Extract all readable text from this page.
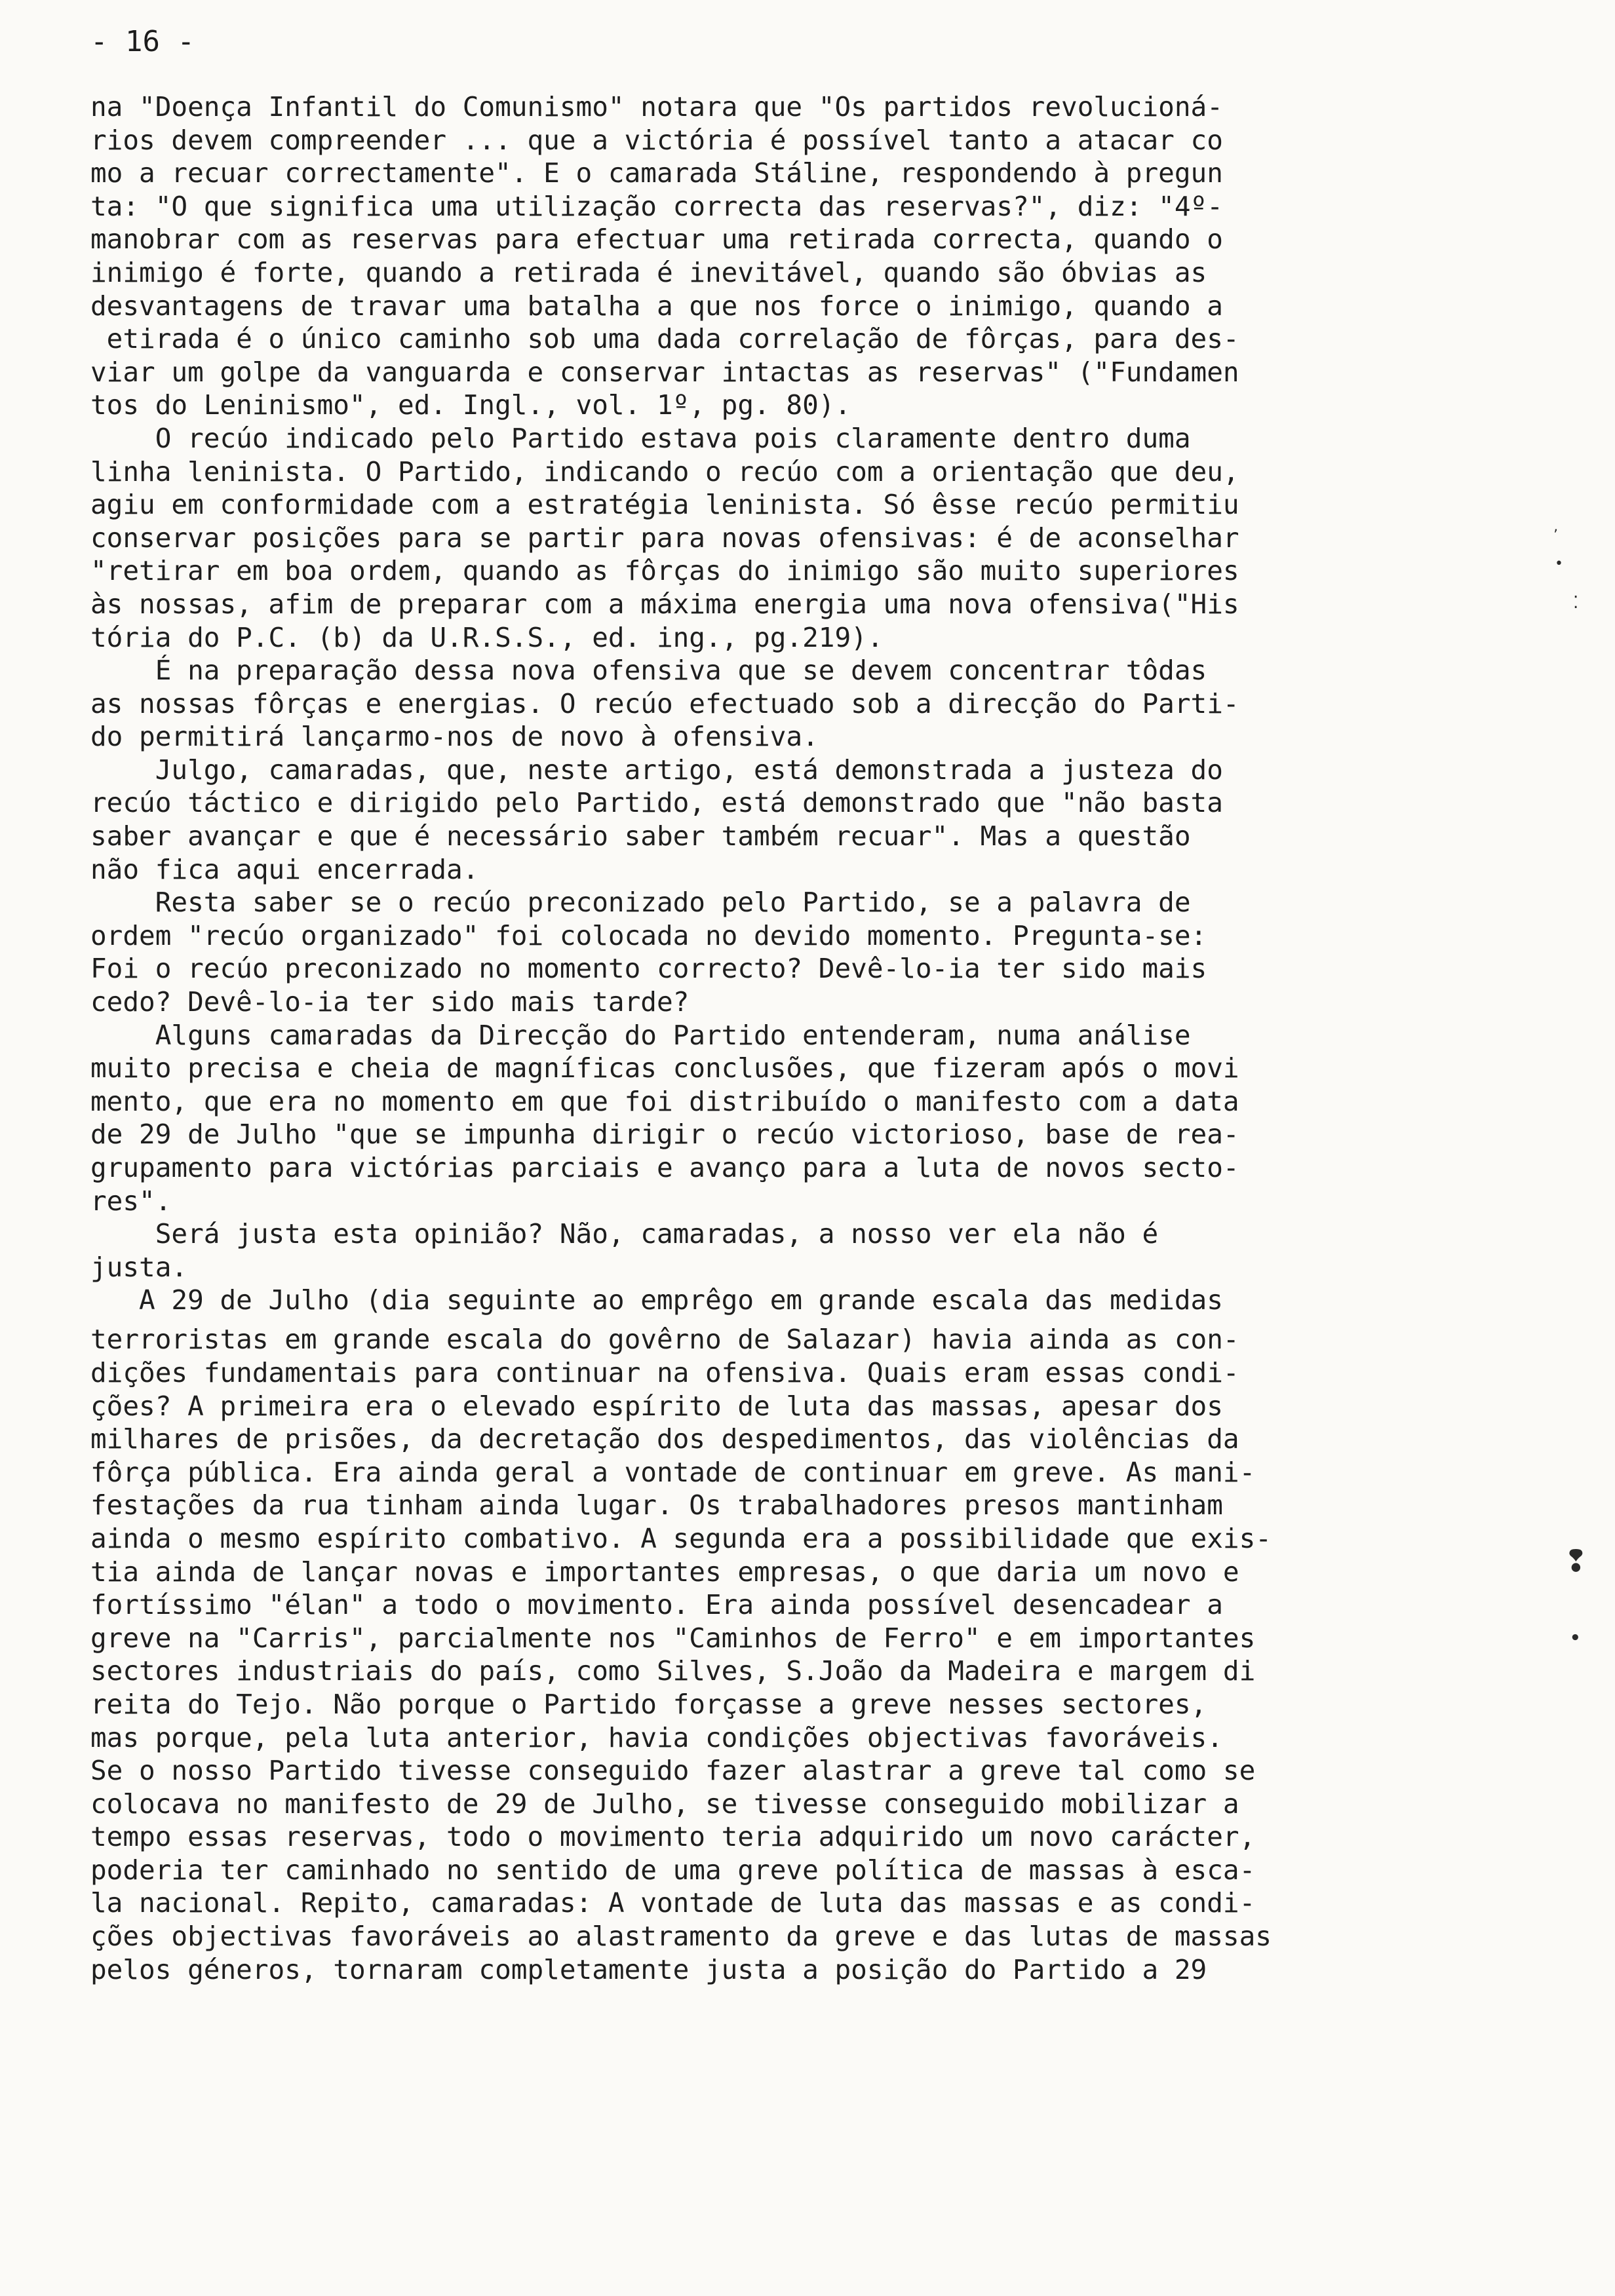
- 16 -
na "Doença Infantil do Comunismo" notara que "Os partidos revolucioná-
rios devem compreender ... que a victória é possível tanto a atacar co
mo a recuar correctamente". E o camarada Stáline, respondendo à pregun
ta: "O que significa uma utilização correcta das reservas?", diz: "4º-
manobrar com as reservas para efectuar uma retirada correcta, quando o
inimigo é forte, quando a retirada é inevitável, quando são óbvias as
desvantagens de travar uma batalha a que nos force o inimigo, quando a
etirada é o único caminho sob uma dada correlação de fôrças, para des-
viar um golpe da vanguarda e conservar intactas as reservas" ("Fundamen
tos do Leninismo", ed. Ingl., vol. 1º, pg. 80).
O recúo indicado pelo Partido estava pois claramente dentro duma
linha leninista. O Partido, indicando o recúo com a orientação que deu,
agiu em conformidade com a estratégia leninista. Só êsse recúo permitiu
conservar posições para se partir para novas ofensivas: é de aconselhar
"retirar em boa ordem, quando as fôrças do inimigo são muito superiores
às nossas, afim de preparar com a máxima energia uma nova ofensiva("His
tória do P.C. (b) da U.R.S.S., ed. ing., pg.219).
É na preparação dessa nova ofensiva que se devem concentrar tôdas
as nossas fôrças e energias. O recúo efectuado sob a direcção do Parti-
do permitirá lançarmo-nos de novo à ofensiva.
Julgo, camaradas, que, neste artigo, está demonstrada a justeza do
recúo táctico e dirigido pelo Partido, está demonstrado que "não basta
saber avançar e que é necessário saber também recuar". Mas a questão
não fica aqui encerrada.
Resta saber se o recúo preconizado pelo Partido, se a palavra de
ordem "recúo organizado" foi colocada no devido momento. Pregunta-se:
Foi o recúo preconizado no momento correcto? Devê-lo-ia ter sido mais
cedo? Devê-lo-ia ter sido mais tarde?
Alguns camaradas da Direcção do Partido entenderam, numa análise
muito precisa e cheia de magníficas conclusões, que fizeram após o movi
mento, que era no momento em que foi distribuído o manifesto com a data
de 29 de Julho "que se impunha dirigir o recúo victorioso, base de rea-
grupamento para victórias parciais e avanço para a luta de novos secto-
res".
Será justa esta opinião? Não, camaradas, a nosso ver ela não é
justa.
A 29 de Julho (dia seguinte ao emprêgo em grande escala das medidas
terroristas em grande escala do govêrno de Salazar) havia ainda as con-
dições fundamentais para continuar na ofensiva. Quais eram essas condi-
ções? A primeira era o elevado espírito de luta das massas, apesar dos
milhares de prisões, da decretação dos despedimentos, das violências da
fôrça pública. Era ainda geral a vontade de continuar em greve. As mani-
festações da rua tinham ainda lugar. Os trabalhadores presos mantinham
ainda o mesmo espírito combativo. A segunda era a possibilidade que exis-
tia ainda de lançar novas e importantes empresas, o que daria um novo e
fortíssimo "élan" a todo o movimento. Era ainda possível desencadear a
greve na "Carris", parcialmente nos "Caminhos de Ferro" e em importantes
sectores industriais do país, como Silves, S.João da Madeira e margem di
reita do Tejo. Não porque o Partido forçasse a greve nesses sectores,
mas porque, pela luta anterior, havia condições objectivas favoráveis.
Se o nosso Partido tivesse conseguido fazer alastrar a greve tal como se
colocava no manifesto de 29 de Julho, se tivesse conseguido mobilizar a
tempo essas reservas, todo o movimento teria adquirido um novo carácter,
poderia ter caminhado no sentido de uma greve política de massas à esca-
la nacional. Repito, camaradas: A vontade de luta das massas e as condi-
ções objectivas favoráveis ao alastramento da greve e das lutas de massas
pelos géneros, tornaram completamente justa a posição do Partido a 29
’
•
⁚
❢
•
